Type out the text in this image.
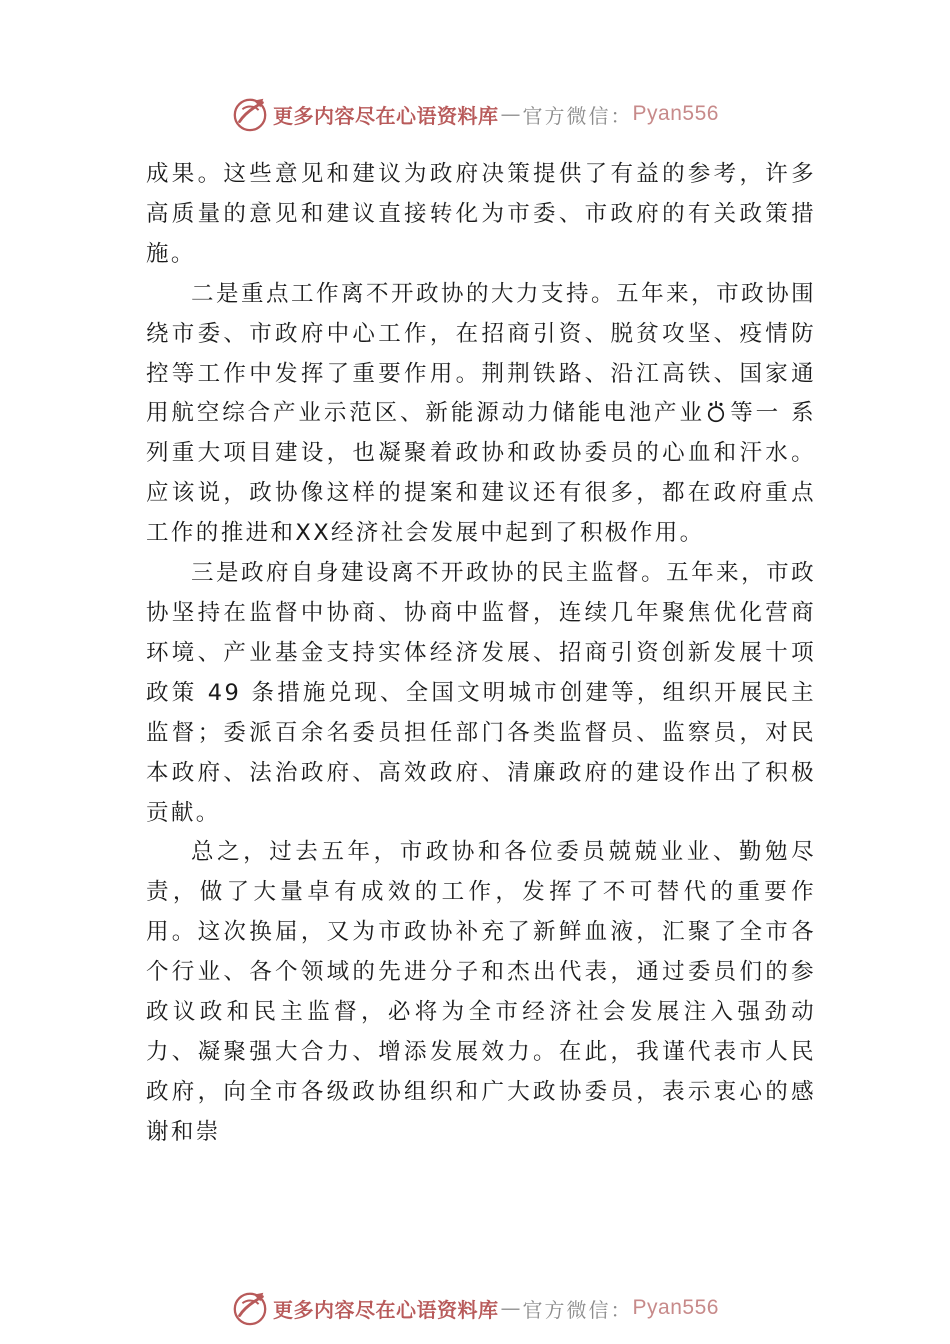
更多内容尽在心语资料库 — 官方微信： Pyan556

成果。这些意见和建议为政府决策提供了有益的参考，许多高质量的意见和建议直接转化为市委、市政府的有关政策措施。

二是重点工作离不开政协的大力支持。五年来，市政协围绕市委、市政府中心工作，在招商引资、脱贫攻坚、疫情防控等工作中发挥了重要作用。荆荆铁路、沿江高铁、国家通用航空综合产业示范区、新能源动力储能电池产业⛣等一 系列重大项目建设，也凝聚着政协和政协委员的心血和汗水。应该说，政协像这样的提案和建议还有很多，都在政府重点 工作的推进和XX经济社会发展中起到了积极作用。

三是政府自身建设离不开政协的民主监督。五年来，市政协坚持在监督中协商、协商中监督，连续几年聚焦优化营商环境、产业基金支持实体经济发展、招商引资创新发展十项政策 49 条措施兑现、全国文明城市创建等，组织开展民主监督；委派百余名委员担任部门各类监督员、监察员，对民本政府、法治政府、高效政府、清廉政府的建设作出了积极贡献。

总之，过去五年，市政协和各位委员兢兢业业、勤勉尽责，做了大量卓有成效的工作，发挥了不可替代的重要作用。这次换届，又为市政协补充了新鲜血液，汇聚了全市各个行业、各个领域的先进分子和杰出代表，通过委员们的参政议政和民主监督，必将为全市经济社会发展注入强劲动力、凝聚强大合力、增添发展效力。在此，我谨代表市人民政府，向全市各级政协组织和广大政协委员，表示衷心的感谢和崇

更多内容尽在心语资料库 — 官方微信： Pyan556
